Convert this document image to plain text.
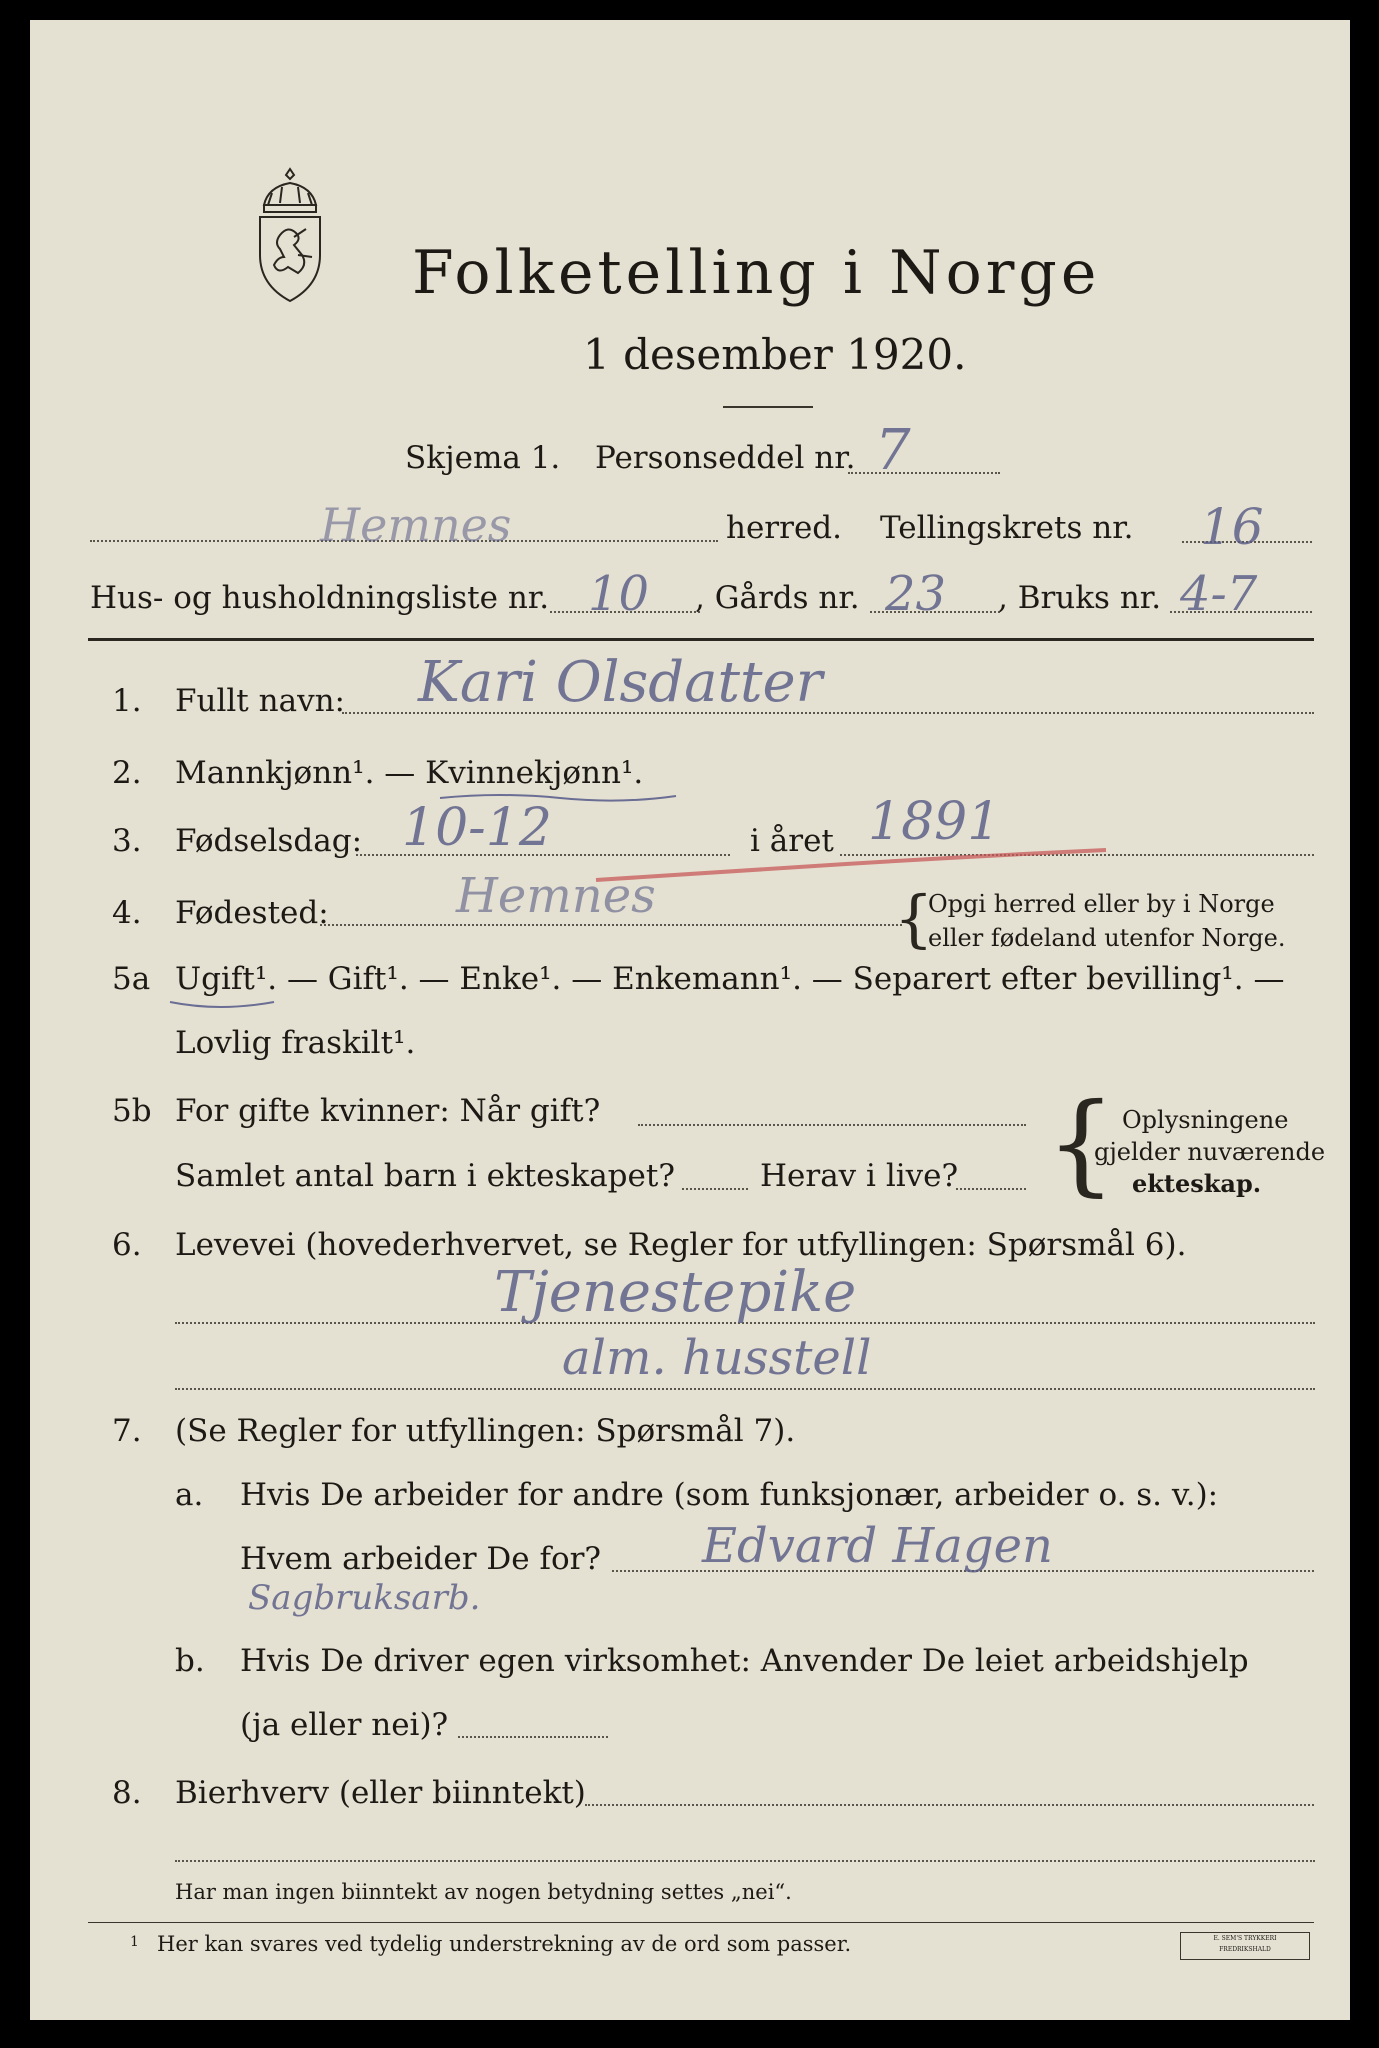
Folketelling i Norge
1 desember 1920.
Skjema 1. Personseddel nr. 7
Hemnes	herred. Tellingskrets nr. 16
Hus- og husholdningsliste nr. 10 , Gårds nr. 23 , Bruks nr. 4-7
1. Fullt navn: Kari Olsdatter
2. Mannkjønn¹. — Kvinnekjønn¹.
3. Fødselsdag: 10-12	i året 1891
4. Fødested:	Hemnes	{
Opgi herred eller by i Norge
eller fødeland utenfor Norge.
5a Ugift¹. — Gift¹. — Enke¹. — Enkemann¹. — Separert efter bevilling¹. —
Lovlig fraskilt¹.
5b For gifte kvinner: Når gift?
Samlet antal barn i ekteskapet?	Herav i live? { Oplysningene
gjelder nuværende
ekteskap.
6. Levevei (hovederhvervet, se Regler for utfyllingen: Spørsmål 6).
Tjenestepike
alm. husstell
7. (Se Regler for utfyllingen: Spørsmål 7).
a. Hvis De arbeider for andre (som funksjonær, arbeider o. s. v.):
Hvem arbeider De for? Edvard Hagen
Sagbruksarb.
b. Hvis De driver egen virksomhet: Anvender De leiet arbeidshjelp
(ja eller nei)?
8. Bierhverv (eller biinntekt)
Har man ingen biinntekt av nogen betydning settes „nei“.
1 Her kan svares ved tydelig understrekning av de ord som passer.	E. SEM'S TRYKKERI
FREDRIKSHALD
